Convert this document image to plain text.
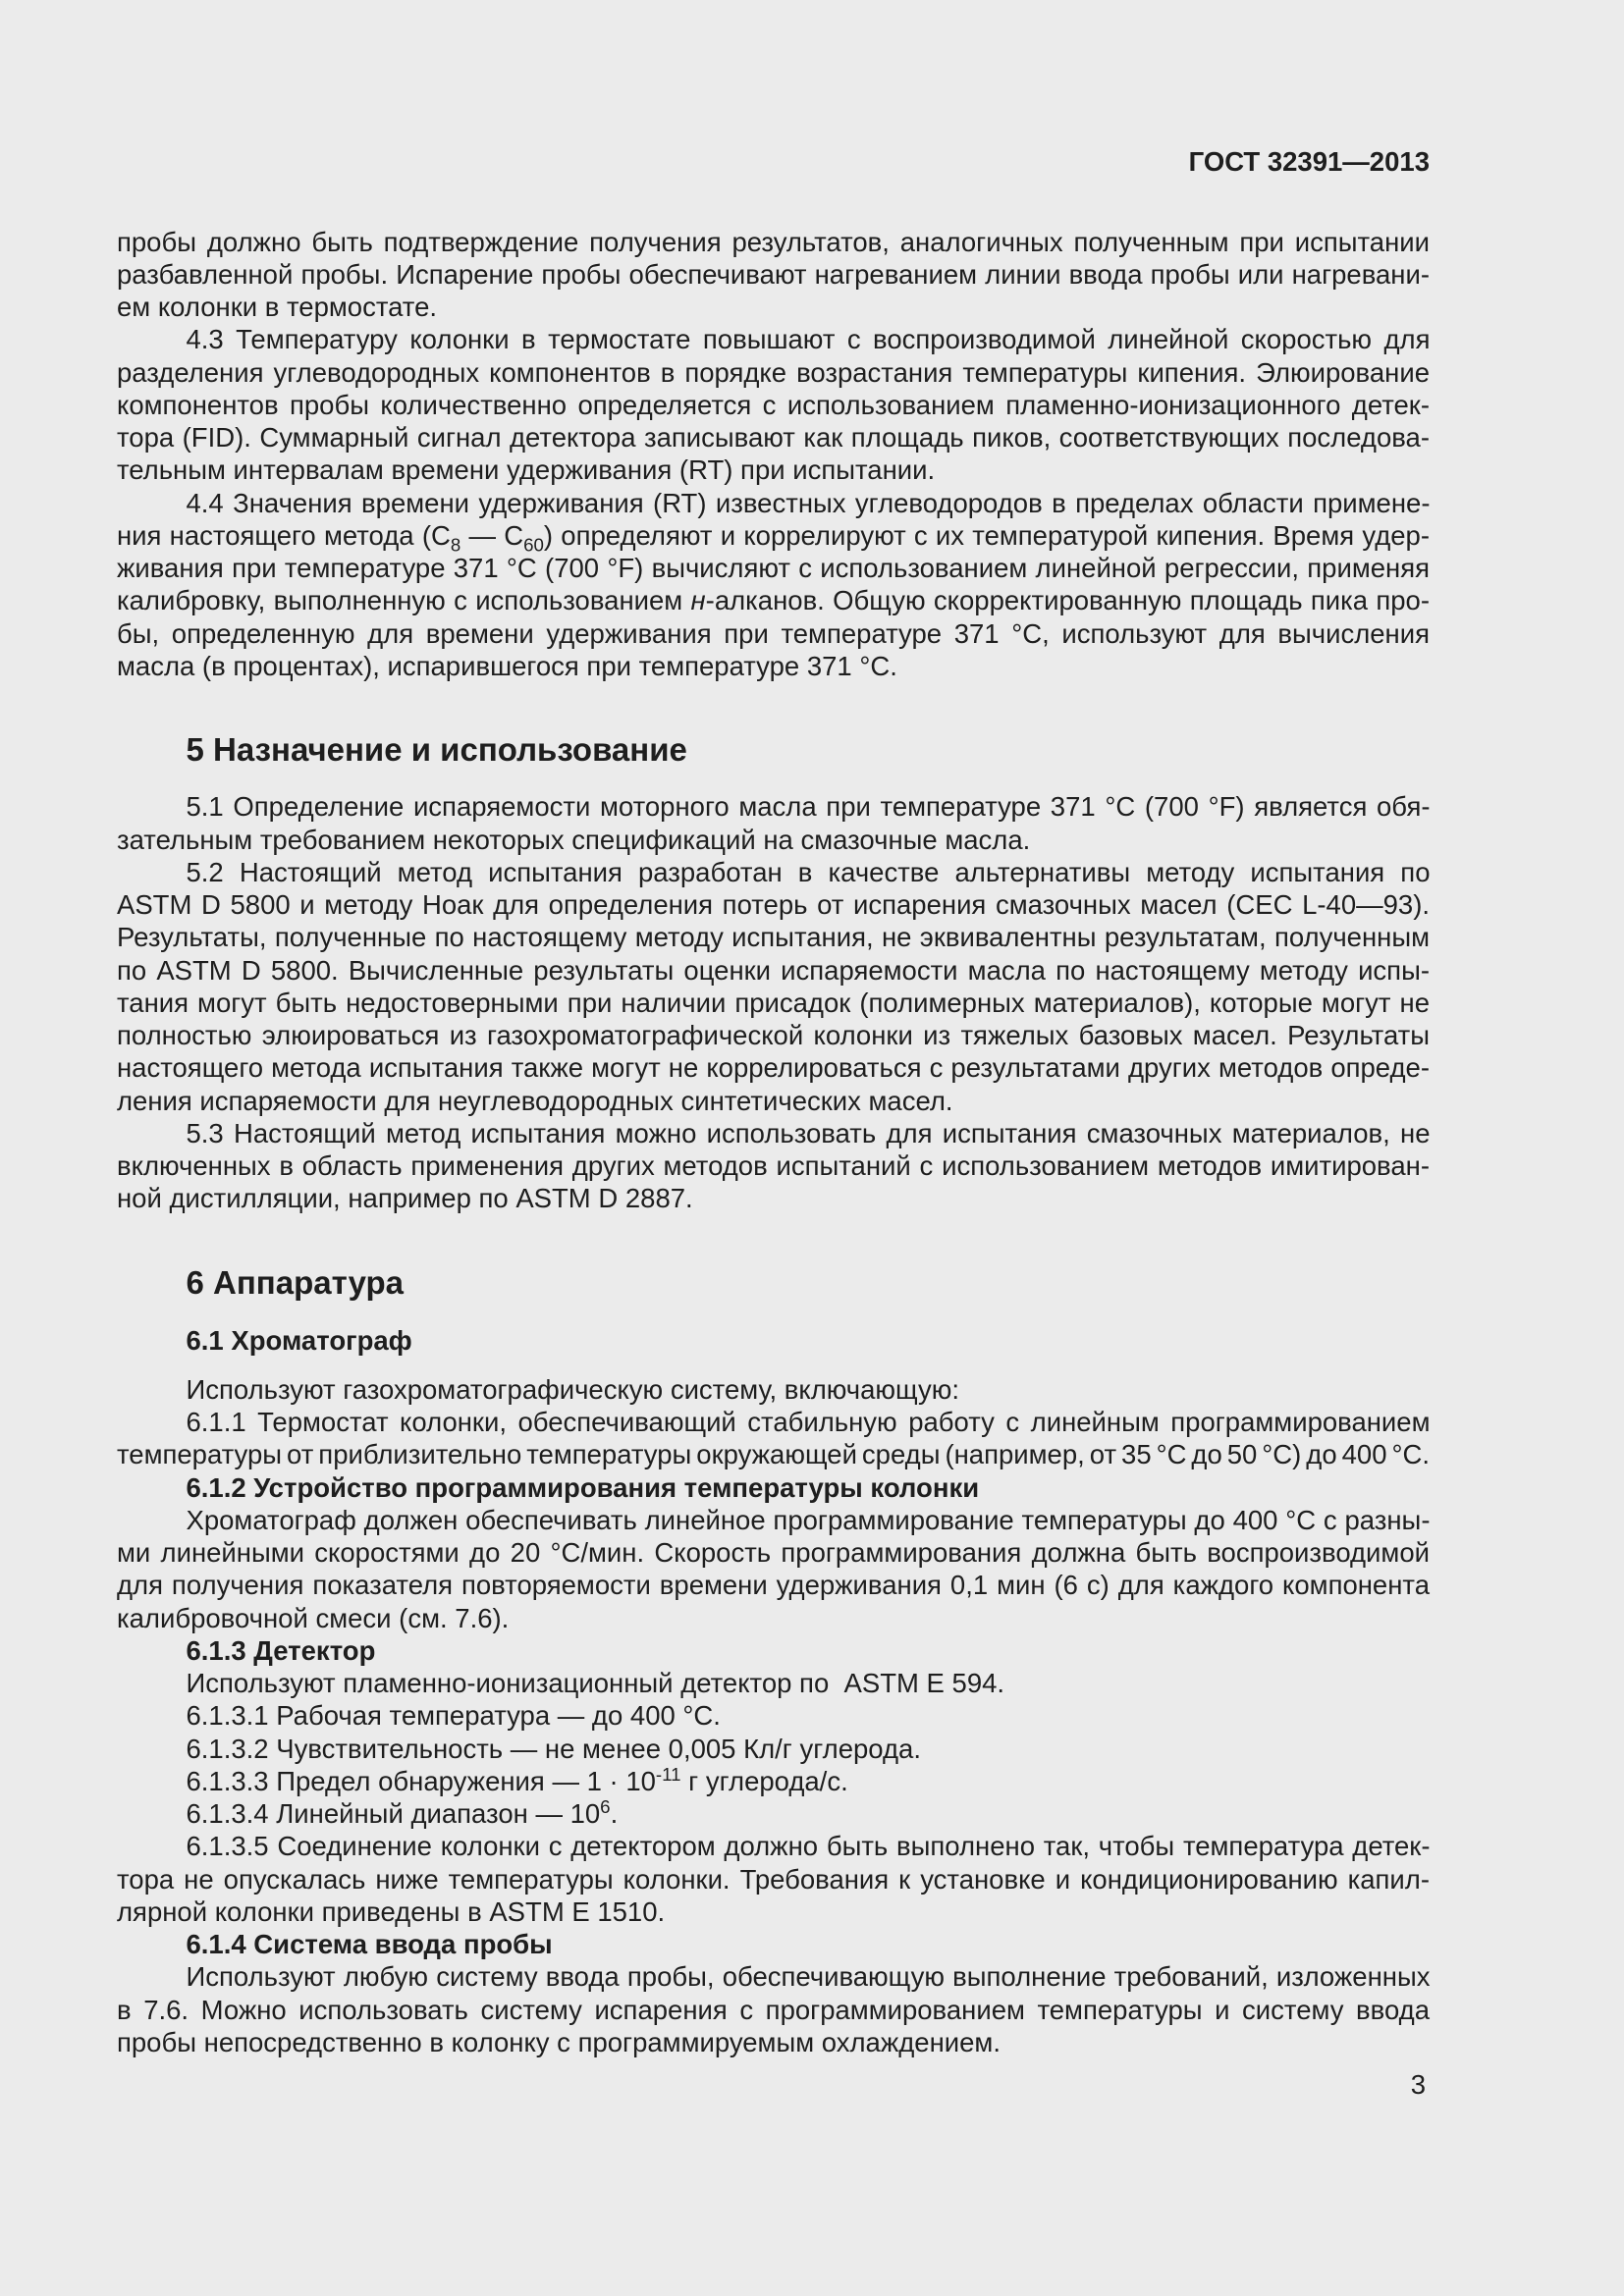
ГОСТ 32391—2013
пробы должно быть подтверждение получения результатов, аналогичных полученным при испытании
разбавленной пробы. Испарение пробы обеспечивают нагреванием линии ввода пробы или нагревани-
ем колонки в термостате.
4.3 Температуру колонки в термостате повышают с воспроизводимой линейной скоростью для
разделения углеводородных компонентов в порядке возрастания температуры кипения. Элюирование
компонентов пробы количественно определяется с использованием пламенно-ионизационного детек-
тора (FID). Суммарный сигнал детектора записывают как площадь пиков, соответствующих последова-
тельным интервалам времени удерживания (RT) при испытании.
4.4 Значения времени удерживания (RT) известных углеводородов в пределах области примене-
ния настоящего метода ($C_8$ — $C_{60}$) определяют и коррелируют с их температурой кипения. Время удер-
живания при температуре 371 °C (700 °F) вычисляют с использованием линейной регрессии, применяя
калибровку, выполненную с использованием н-алканов. Общую скорректированную площадь пика про-
бы, определенную для времени удерживания при температуре 371 °C, используют для вычисления
масла (в процентах), испарившегося при температуре 371 °C.
5 Назначение и использование
5.1 Определение испаряемости моторного масла при температуре 371 °C (700 °F) является обя-
зательным требованием некоторых спецификаций на смазочные масла.
5.2 Настоящий метод испытания разработан в качестве альтернативы методу испытания по
ASTM D 5800 и методу Ноак для определения потерь от испарения смазочных масел (CEC L-40—93).
Результаты, полученные по настоящему методу испытания, не эквивалентны результатам, полученным
по ASTM D 5800. Вычисленные результаты оценки испаряемости масла по настоящему методу испы-
тания могут быть недостоверными при наличии присадок (полимерных материалов), которые могут не
полностью элюироваться из газохроматографической колонки из тяжелых базовых масел. Результаты
настоящего метода испытания также могут не коррелироваться с результатами других методов опреде-
ления испаряемости для неуглеводородных синтетических масел.
5.3 Настоящий метод испытания можно использовать для испытания смазочных материалов, не
включенных в область применения других методов испытаний с использованием методов имитирован-
ной дистилляции, например по ASTM D 2887.
6 Аппаратура
6.1 Хроматограф
Используют газохроматографическую систему, включающую:
6.1.1 Термостат колонки, обеспечивающий стабильную работу с линейным программированием
температуры от приблизительно температуры окружающей среды (например, от 35 °C до 50 °C) до 400 °C.
6.1.2 Устройство программирования температуры колонки
Хроматограф должен обеспечивать линейное программирование температуры до 400 °C с разны-
ми линейными скоростями до 20 °C/мин. Скорость программирования должна быть воспроизводимой
для получения показателя повторяемости времени удерживания 0,1 мин (6 с) для каждого компонента
калибровочной смеси (см. 7.6).
6.1.3 Детектор
Используют пламенно-ионизационный детектор по  ASTM E 594.
6.1.3.1 Рабочая температура — до 400 °C.
6.1.3.2 Чувствительность — не менее 0,005 Кл/г углерода.
6.1.3.3 Предел обнаружения — $1 \cdot 10^{-11}$ г углерода/с.
6.1.3.4 Линейный диапазон — $10^6$.
6.1.3.5 Соединение колонки с детектором должно быть выполнено так, чтобы температура детек-
тора не опускалась ниже температуры колонки. Требования к установке и кондиционированию капил-
лярной колонки приведены в ASTM E 1510.
6.1.4 Система ввода пробы
Используют любую систему ввода пробы, обеспечивающую выполнение требований, изложенных
в 7.6. Можно использовать систему испарения с программированием температуры и систему ввода
пробы непосредственно в колонку с программируемым охлаждением.
3
